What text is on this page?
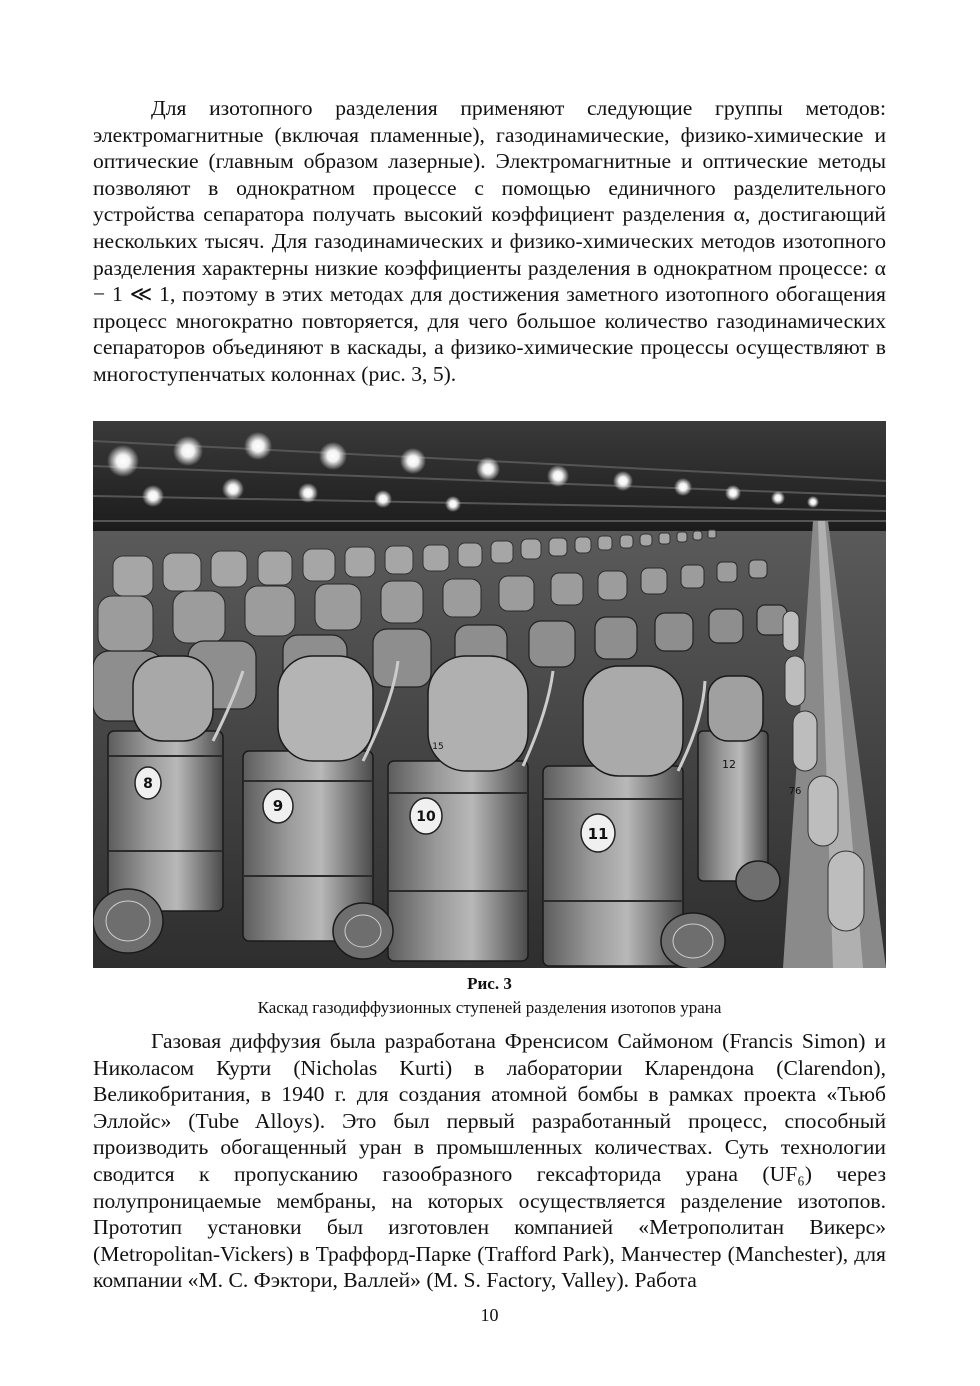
Для изотопного разделения применяют следующие группы методов: электромагнитные (включая пламенные), газодинамические, физико-химические и оптические (главным образом лазерные). Электромагнитные и оптические методы позволяют в однократном процессе с помощью единичного разделительного устройства сепаратора получать высокий коэффициент разделения α, достигающий нескольких тысяч. Для газодинамических и физико-химических методов изотопного разделения характерны низкие коэффициенты разделения в однократном процессе: α − 1 ≪ 1, поэтому в этих методах для достижения заметного изотопного обогащения процесс многократно повторяется, для чего большое количество газодинамических сепараторов объединяют в каскады, а физико-химические процессы осуществляют в многоступенчатых колоннах (рис. 3, 5).

8
9
10
11
12
76
15
Рис. 3
Каскад газодиффузионных ступеней разделения изотопов урана

Газовая диффузия была разработана Френсисом Саймоном (Francis Simon) и Николасом Курти (Nicholas Kurti) в лаборатории Кларендона (Clarendon), Великобритания, в 1940 г. для создания атомной бомбы в рамках проекта «Тьюб Эллойс» (Tube Alloys). Это был первый разработанный процесс, способный производить обогащенный уран в промышленных количествах. Суть технологии сводится к пропусканию газообразного гексафторида урана (UF₆) через полупроницаемые мембраны, на которых осуществляется разделение изотопов. Прототип установки был изготовлен компанией «Метрополитан Викерс» (Metropolitan-Vickers) в Траффорд-Парке (Trafford Park), Манчестер (Manchester), для компании «М. С. Фэктори, Валлей» (M. S. Factory, Valley). Работа

10
